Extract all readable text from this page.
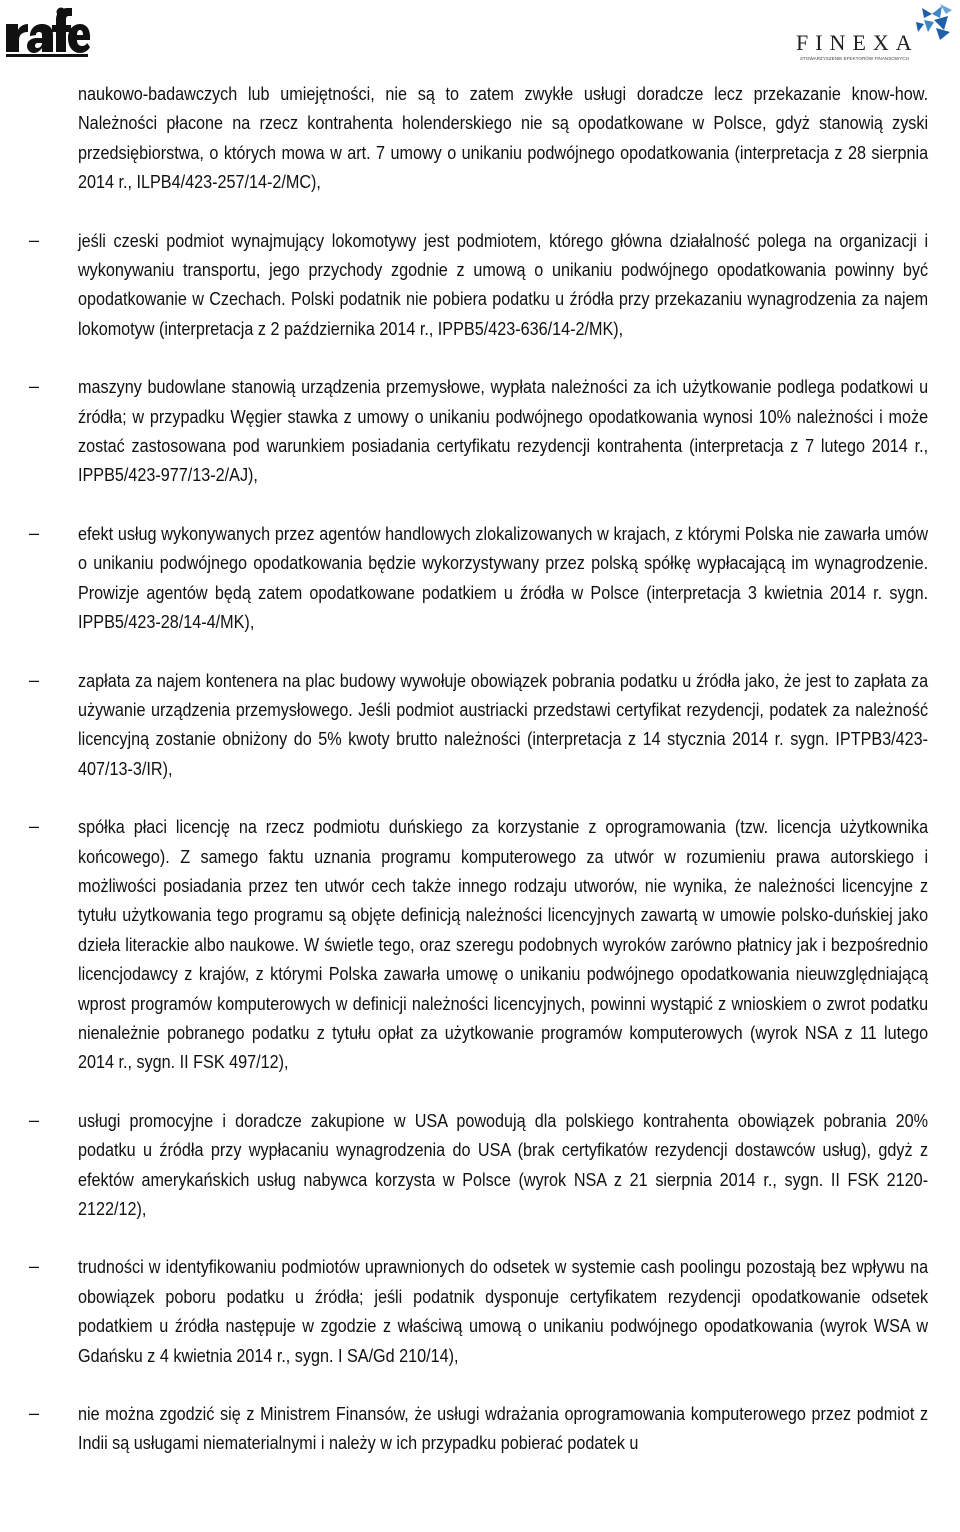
FINEXA
STOWARZYSZENIE EFEKTORÓW FINANSOWYCH

naukowo-badawczych lub umiejętności, nie są to zatem zwykłe usługi doradcze lecz przekazanie know-how. Należności płacone na rzecz kontrahenta holenderskiego nie są opodatkowane w Polsce, gdyż stanowią zyski przedsiębiorstwa, o których mowa w art. 7 umowy o unikaniu podwójnego opodatkowania (interpretacja z 28 sierpnia 2014 r., ILPB4/423-257/14-2/MC),

–	jeśli czeski podmiot wynajmujący lokomotywy jest podmiotem, którego główna działalność polega na organizacji i wykonywaniu transportu, jego przychody zgodnie z umową o unikaniu podwójnego opodatkowania powinny być opodatkowanie w Czechach. Polski podatnik nie pobiera podatku u źródła przy przekazaniu wynagrodzenia za najem lokomotyw (interpretacja z 2 października 2014 r., IPPB5/423-636/14-2/MK),

–	maszyny budowlane stanowią urządzenia przemysłowe, wypłata należności za ich użytkowanie podlega podatkowi u źródła; w przypadku Węgier stawka z umowy o unikaniu podwójnego opodatkowania wynosi 10% należności i może zostać zastosowana pod warunkiem posiadania certyfikatu rezydencji kontrahenta (interpretacja z 7 lutego 2014 r., IPPB5/423-977/13-2/AJ),

–	efekt usług wykonywanych przez agentów handlowych zlokalizowanych w krajach, z którymi Polska nie zawarła umów o unikaniu podwójnego opodatkowania będzie wykorzystywany przez polską spółkę wypłacającą im wynagrodzenie. Prowizje agentów będą zatem opodatkowane podatkiem u źródła w Polsce (interpretacja 3 kwietnia 2014 r. sygn. IPPB5/423-28/14-4/MK),

–	zapłata za najem kontenera na plac budowy wywołuje obowiązek pobrania podatku u źródła jako, że jest to zapłata za używanie urządzenia przemysłowego. Jeśli podmiot austriacki przedstawi certyfikat rezydencji, podatek za należność licencyjną zostanie obniżony do 5% kwoty brutto należności (interpretacja z 14 stycznia 2014 r. sygn. IPTPB3/423-407/13-3/IR),

–	spółka płaci licencję na rzecz podmiotu duńskiego za korzystanie z oprogramowania (tzw. licencja użytkownika końcowego). Z samego faktu uznania programu komputerowego za utwór w rozumieniu prawa autorskiego i możliwości posiadania przez ten utwór cech także innego rodzaju utworów, nie wynika, że należności licencyjne z tytułu użytkowania tego programu są objęte definicją należności licencyjnych zawartą w umowie polsko-duńskiej jako dzieła literackie albo naukowe. W świetle tego, oraz szeregu podobnych wyroków zarówno płatnicy jak i bezpośrednio licencjodawcy z krajów, z którymi Polska zawarła umowę o unikaniu podwójnego opodatkowania nieuwzględniającą wprost programów komputerowych w definicji należności licencyjnych, powinni wystąpić z wnioskiem o zwrot podatku nienależnie pobranego podatku z tytułu opłat za użytkowanie programów komputerowych (wyrok NSA z 11 lutego 2014 r., sygn. II FSK 497/12),

–	usługi promocyjne i doradcze zakupione w USA powodują dla polskiego kontrahenta obowiązek pobrania 20% podatku u źródła przy wypłacaniu wynagrodzenia do USA (brak certyfikatów rezydencji dostawców usług), gdyż z efektów amerykańskich usług nabywca korzysta w Polsce (wyrok NSA z 21 sierpnia 2014 r., sygn. II FSK 2120-2122/12),

–	trudności w identyfikowaniu podmiotów uprawnionych do odsetek w systemie cash poolingu pozostają bez wpływu na obowiązek poboru podatku u źródła; jeśli podatnik dysponuje certyfikatem rezydencji opodatkowanie odsetek podatkiem u źródła następuje w zgodzie z właściwą umową o unikaniu podwójnego opodatkowania (wyrok WSA w Gdańsku z 4 kwietnia 2014 r., sygn. I SA/Gd 210/14),

–	nie można zgodzić się z Ministrem Finansów, że usługi wdrażania oprogramowania komputerowego przez podmiot z Indii są usługami niematerialnymi i należy w ich przypadku pobierać podatek u
